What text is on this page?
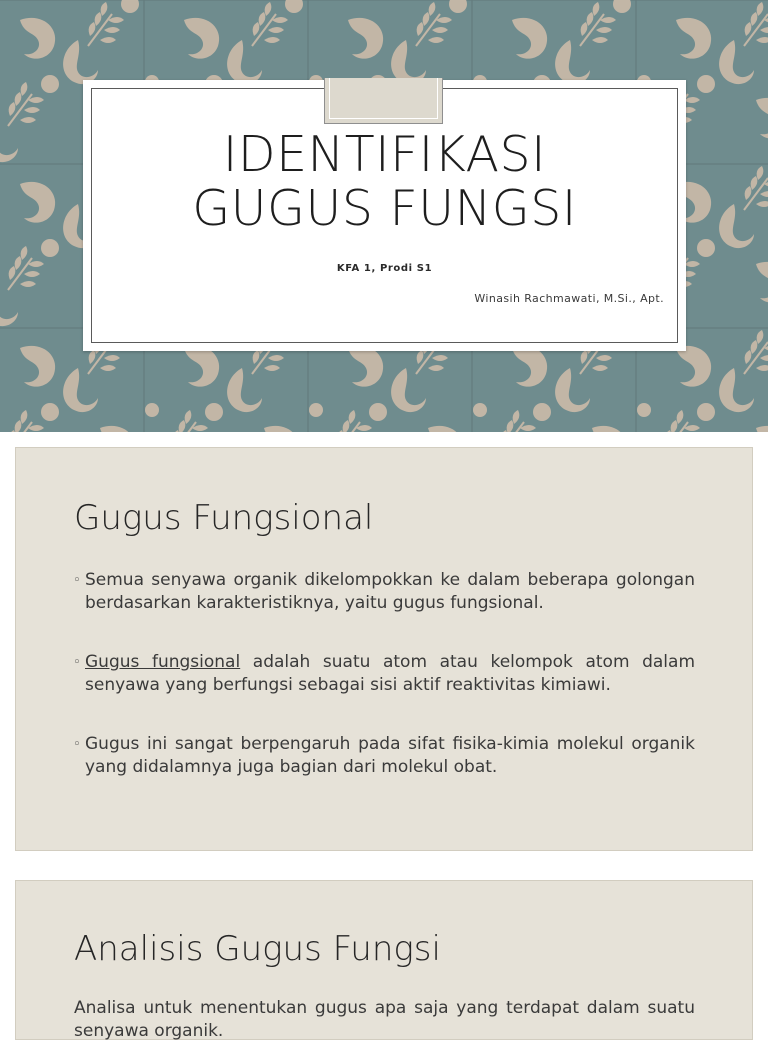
IDENTIFIKASI
GUGUS FUNGSI
KFA 1, Prodi S1
Winasih Rachmawati, M.Si., Apt.
Gugus Fungsional
◦ Semua senyawa organik dikelompokkan ke dalam beberapa golongan berdasarkan karakteristiknya, yaitu gugus fungsional.
◦ Gugus fungsional adalah suatu atom atau kelompok atom dalam senyawa yang berfungsi sebagai sisi aktif reaktivitas kimiawi.
◦ Gugus ini sangat berpengaruh pada sifat fisika-kimia molekul organik yang didalamnya juga bagian dari molekul obat.
Analisis Gugus Fungsi
Analisa untuk menentukan gugus apa saja yang terdapat dalam suatu senyawa organik.
